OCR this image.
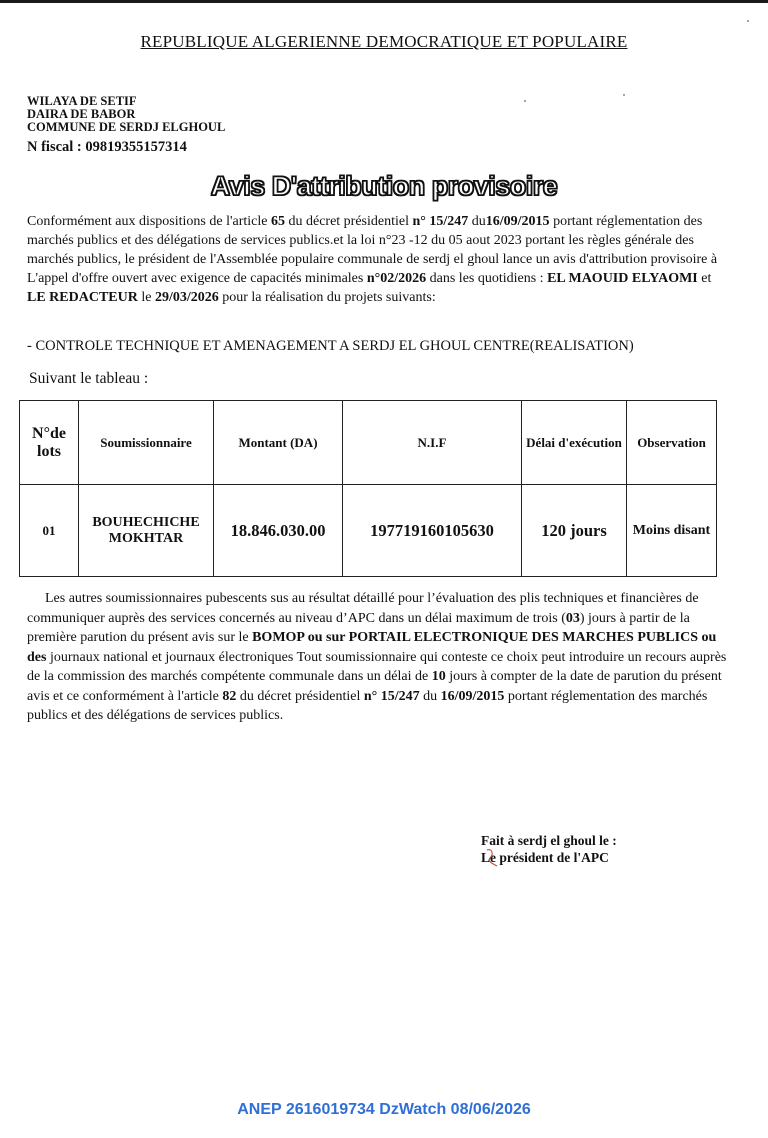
REPUBLIQUE ALGERIENNE DEMOCRATIQUE ET POPULAIRE
WILAYA DE SETIF
DAIRA DE BABOR
COMMUNE DE SERDJ ELGHOUL
N fiscal : 09819355157314
Avis D'attribution provisoire
Conformément aux dispositions de l'article 65 du décret présidentiel n° 15/247 du16/09/2015 portant réglementation des marchés publics et des délégations de services publics.et la loi n°23 -12 du 05 aout 2023 portant les règles générale des marchés publics, le président de l'Assemblée populaire communale de serdj el ghoul lance un avis d'attribution provisoire à L'appel d'offre ouvert avec exigence de capacités minimales n°02/2026 dans les quotidiens : EL MAOUID ELYAOMI et LE REDACTEUR le 29/03/2026 pour la réalisation du projets suivants:
- CONTROLE TECHNIQUE ET AMENAGEMENT A SERDJ EL GHOUL CENTRE(REALISATION)
Suivant le tableau :
N°de lots	Soumissionnaire	Montant (DA)	N.I.F	Délai d'exécution	Observation
01	BOUHECHICHE MOKHTAR	18.846.030.00	197719160105630	120 jours	Moins disant
Les autres soumissionnaires pubescents sus au résultat détaillé pour l’évaluation des plis techniques et financières de communiquer auprès des services concernés au niveau d’APC dans un délai maximum de trois (03) jours à partir de la première parution du présent avis sur le BOMOP ou sur PORTAIL ELECTRONIQUE DES MARCHES PUBLICS ou des journaux national et journaux électroniques Tout soumissionnaire qui conteste ce choix peut introduire un recours auprès de la commission des marchés compétente communale dans un délai de 10 jours à compter de la date de parution du présent avis et ce conformément à l'article 82 du décret présidentiel n° 15/247 du 16/09/2015 portant réglementation des marchés publics et des délégations de services publics.
Fait à serdj el ghoul le :
Le président de l'APC
ANEP 2616019734 DzWatch 08/06/2026
